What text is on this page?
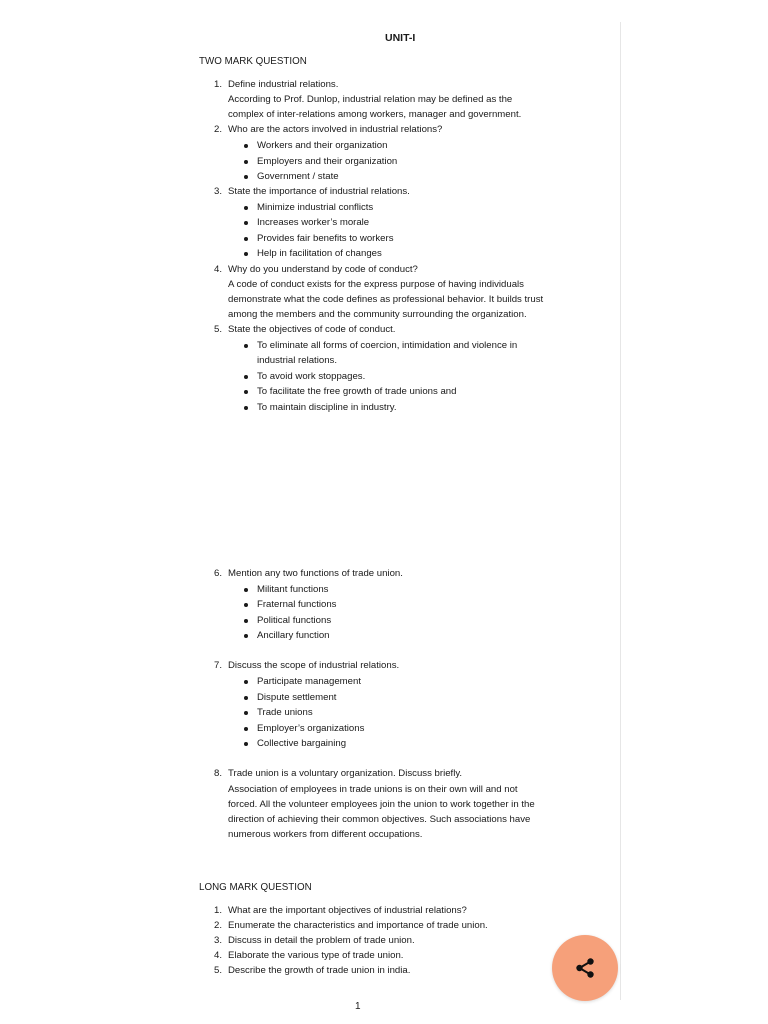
UNIT-I
TWO MARK QUESTION
1. Define industrial relations.
According to Prof. Dunlop, industrial relation may be defined as the
complex of inter-relations among workers, manager and government.
2. Who are the actors involved in industrial relations?
Workers and their organization
Employers and their organization
Government / state
3. State the importance of industrial relations.
Minimize industrial conflicts
Increases worker’s morale
Provides fair benefits to workers
Help in facilitation of changes
4. Why do you understand by code of conduct?
A code of conduct exists for the express purpose of having individuals
demonstrate what the code defines as professional behavior. It builds trust
among the members and the community surrounding the organization.
5. State the objectives of code of conduct.
To eliminate all forms of coercion, intimidation and violence in
industrial relations.
To avoid work stoppages.
To facilitate the free growth of trade unions and
To maintain discipline in industry.
6. Mention any two functions of trade union.
Militant functions
Fraternal functions
Political functions
Ancillary function
7. Discuss the scope of industrial relations.
Participate management
Dispute settlement
Trade unions
Employer’s organizations
Collective bargaining
8. Trade union is a voluntary organization. Discuss briefly.
Association of employees in trade unions is on their own will and not
forced. All the volunteer employees join the union to work together in the
direction of achieving their common objectives. Such associations have
numerous workers from different occupations.
LONG MARK QUESTION
1. What are the important objectives of industrial relations?
2. Enumerate the characteristics and importance of trade union.
3. Discuss in detail the problem of trade union.
4. Elaborate the various type of trade union.
5. Describe the growth of trade union in india.
1
